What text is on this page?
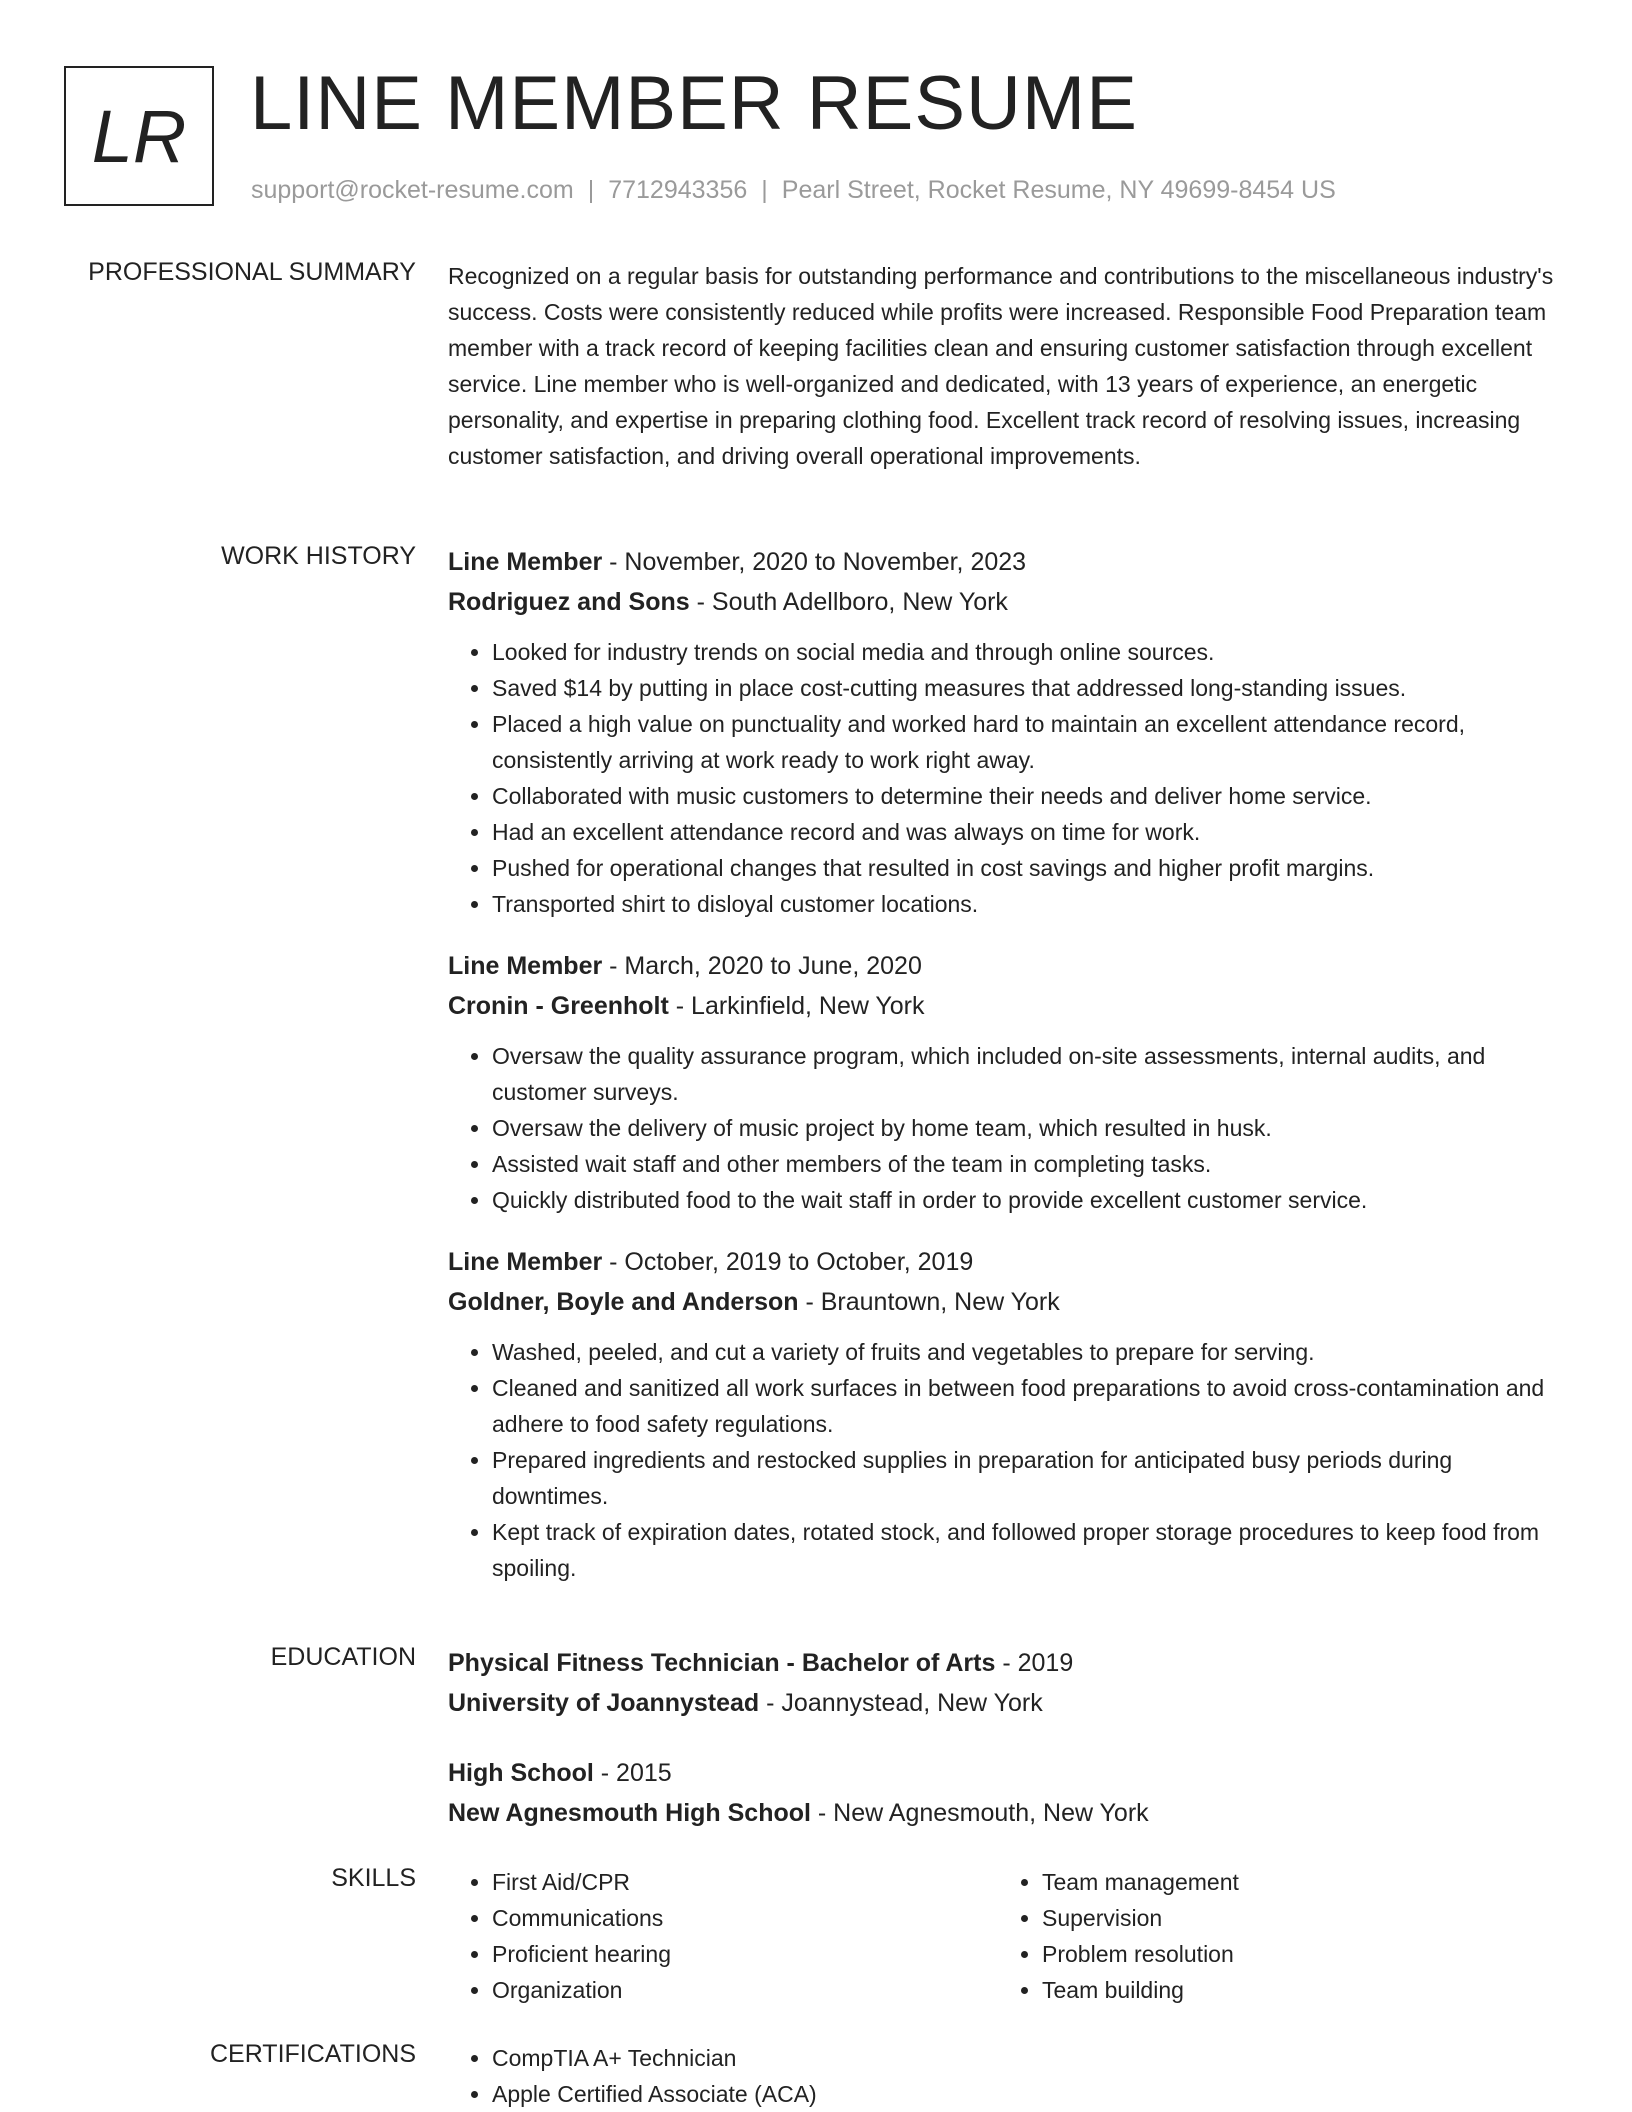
LR LINE MEMBER RESUME
support@rocket-resume.com | 7712943356 | Pearl Street, Rocket Resume, NY 49699-8454 US
PROFESSIONAL SUMMARY Recognized on a regular basis for outstanding performance and contributions to the miscellaneous industry's success. Costs were consistently reduced while profits were increased. Responsible Food Preparation team member with a track record of keeping facilities clean and ensuring customer satisfaction through excellent service. Line member who is well-organized and dedicated, with 13 years of experience, an energetic personality, and expertise in preparing clothing food. Excellent track record of resolving issues, increasing customer satisfaction, and driving overall operational improvements.

WORK HISTORY Line Member - November, 2020 to November, 2023

Rodriguez and Sons - South Adellboro, New York

• Looked for industry trends on social media and through online sources.
• Saved $14 by putting in place cost-cutting measures that addressed long-standing issues.
• Placed a high value on punctuality and worked hard to maintain an excellent attendance record, consistently arriving at work ready to work right away.
• Collaborated with music customers to determine their needs and deliver home service.
• Had an excellent attendance record and was always on time for work.
• Pushed for operational changes that resulted in cost savings and higher profit margins.
• Transported shirt to disloyal customer locations.

Line Member - March, 2020 to June, 2020

Cronin - Greenholt - Larkinfield, New York

• Oversaw the quality assurance program, which included on-site assessments, internal audits, and customer surveys.
• Oversaw the delivery of music project by home team, which resulted in husk.
• Assisted wait staff and other members of the team in completing tasks.
• Quickly distributed food to the wait staff in order to provide excellent customer service.

Line Member - October, 2019 to October, 2019

Goldner, Boyle and Anderson - Brauntown, New York

• Washed, peeled, and cut a variety of fruits and vegetables to prepare for serving.
• Cleaned and sanitized all work surfaces in between food preparations to avoid cross-contamination and adhere to food safety regulations.
• Prepared ingredients and restocked supplies in preparation for anticipated busy periods during downtimes.
• Kept track of expiration dates, rotated stock, and followed proper storage procedures to keep food from spoiling.
EDUCATION Physical Fitness Technician - Bachelor of Arts - 2019

University of Joannystead - Joannystead, New York

High School - 2015

New Agnesmouth High School - New Agnesmouth, New York

SKILLS	• First Aid/CPR
• Communications
• Proficient hearing
• Organization
• Team management
• Supervision
• Problem resolution
• Team building
CERTIFICATIONS	• CompTIA A+ Technician
• Apple Certified Associate (ACA)
